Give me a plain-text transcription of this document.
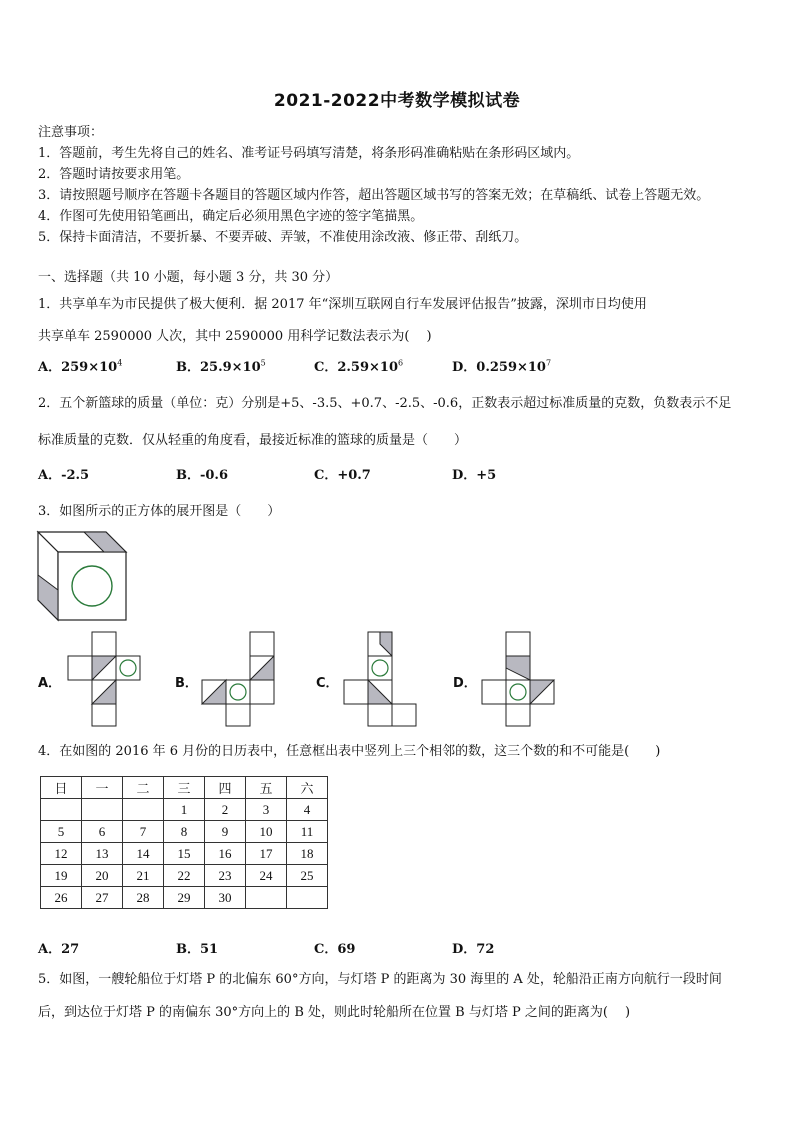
2021-2022中考数学模拟试卷
注意事项：
1．答题前，考生先将自己的姓名、准考证号码填写清楚，将条形码准确粘贴在条形码区域内。
2．答题时请按要求用笔。
3．请按照题号顺序在答题卡各题目的答题区域内作答，超出答题区域书写的答案无效；在草稿纸、试卷上答题无效。
4．作图可先使用铅笔画出，确定后必须用黑色字迹的签字笔描黑。
5．保持卡面清洁，不要折暴、不要弄破、弄皱，不准使用涂改液、修正带、刮纸刀。
一、选择题（共 10 小题，每小题 3 分，共 30 分）
1．共享单车为市民提供了极大便利．据 2017 年“深圳互联网自行车发展评估报告”披露，深圳市日均使用
共享单车 2590000 人次，其中 2590000 用科学记数法表示为(　 )
A．$259\times 10^4$	B．$25.9\times 10^5$	C．$2.59\times 10^6$	D．$0.259\times 10^7$
2．五个新篮球的质量（单位：克）分别是+5、-3.5、+0.7、-2.5、-0.6，正数表示超过标准质量的克数，负数表示不足
标准质量的克数．仅从轻重的角度看，最接近标准的篮球的质量是（　　）
A．-2.5	B．-0.6	C．+0.7	D．+5
3．如图所示的正方体的展开图是（　　）
A．	B．	C．	D．
4．在如图的 2016 年 6 月份的日历表中，任意框出表中竖列上三个相邻的数，这三个数的和不可能是(　　)
日	一	二	三	四	五	六
			1	2	3	4
5	6	7	8	9	10	11
12	13	14	15	16	17	18
19	20	21	22	23	24	25
26	27	28	29	30		
A．27	B．51	C．69	D．72
5．如图，一艘轮船位于灯塔 P 的北偏东 60°方向，与灯塔 P 的距离为 30 海里的 A 处，轮船沿正南方向航行一段时间
后，到达位于灯塔 P 的南偏东 30°方向上的 B 处，则此时轮船所在位置 B 与灯塔 P 之间的距离为(　 )
